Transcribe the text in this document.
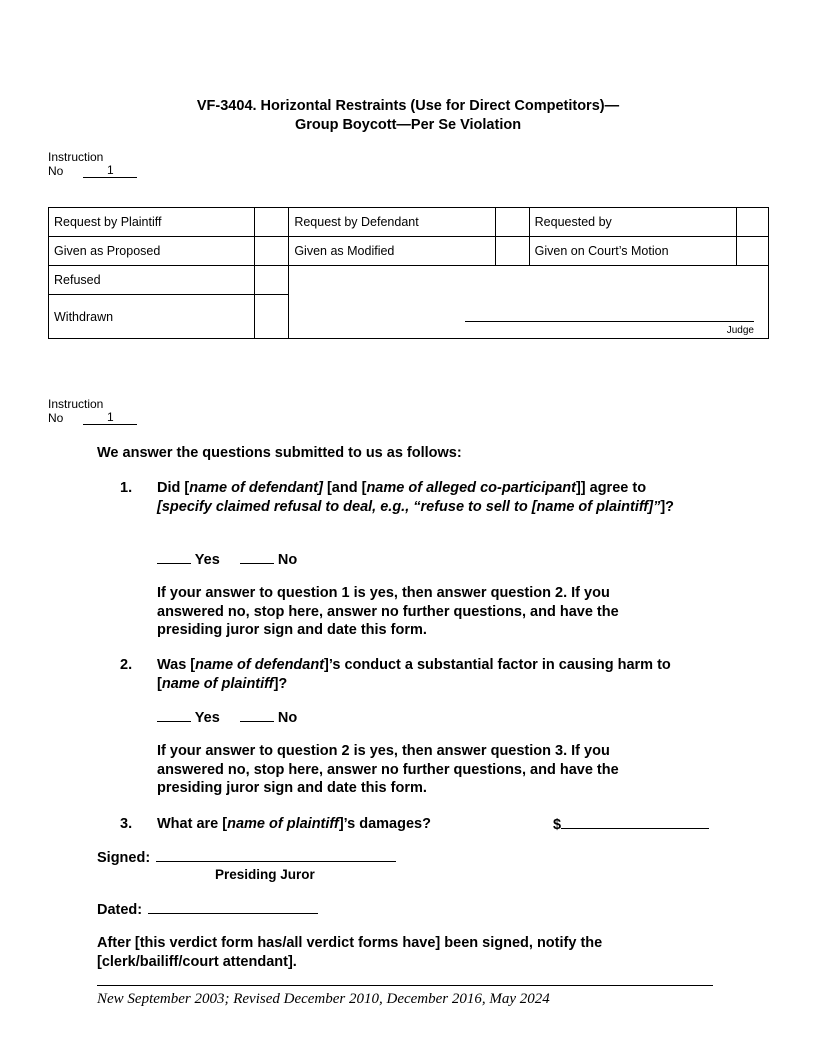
VF-3404. Horizontal Restraints (Use for Direct Competitors)—
Group Boycott—Per Se Violation
Instruction
No	1
Request by Plaintiff		Request by Defendant		Requested by	
Given as Proposed		Given as Modified		Given on Court’s Motion	
Refused		Judge			

Withdrawn					
Instruction
No	1
We answer the questions submitted to us as follows:
1. Did [name of defendant] [and [name of alleged co-participant]] agree to
[specify claimed refusal to deal, e.g., “refuse to sell to [name of plaintiff]”]?
Yes	No
If your answer to question 1 is yes, then answer question 2. If you answered no, stop here, answer no further questions, and have the presiding juror sign and date this form.
2. Was [name of defendant]’s conduct a substantial factor in causing harm to [name of plaintiff]?
Yes	No
If your answer to question 2 is yes, then answer question 3. If you answered no, stop here, answer no further questions, and have the presiding juror sign and date this form.
3. What are [name of plaintiff]’s damages?	$
Signed:
Presiding Juror
Dated:
After [this verdict form has/all verdict forms have] been signed, notify the [clerk/bailiff/court attendant].
New September 2003; Revised December 2010, December 2016, May 2024
